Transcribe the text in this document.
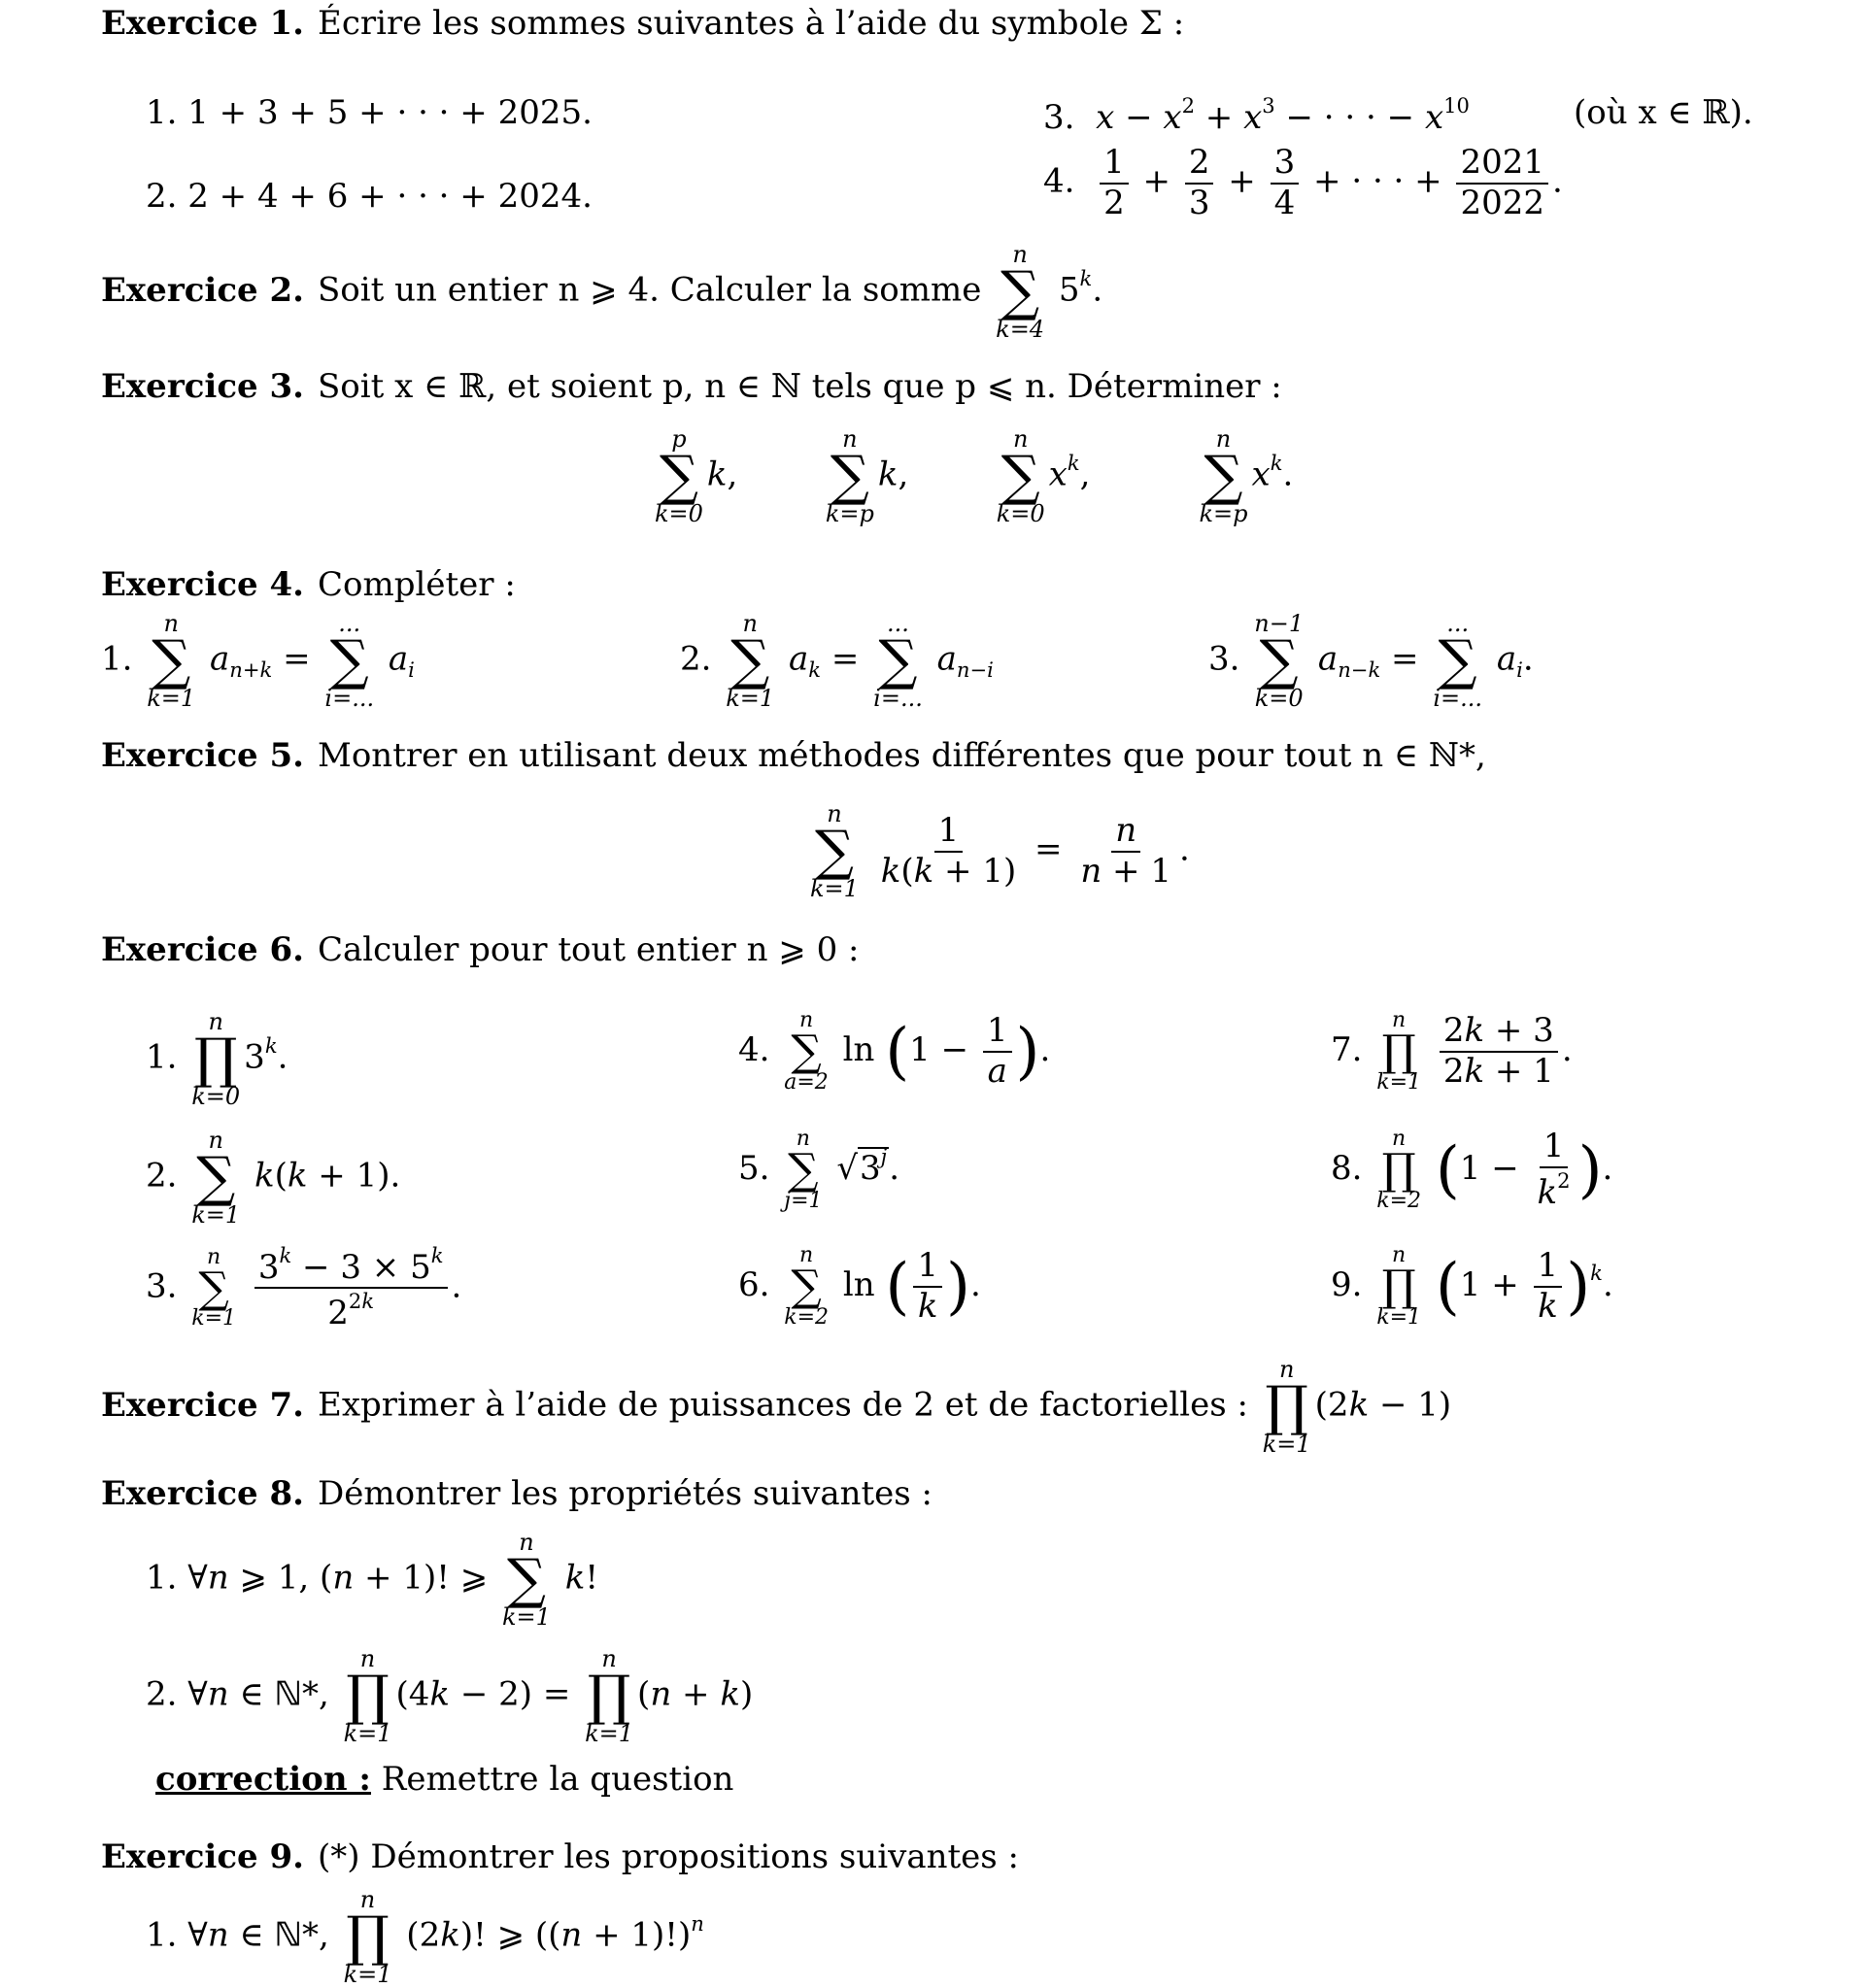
Exercice 1. Écrire les sommes suivantes à l’aide du symbole Σ :
1. 1 + 3 + 5 + · · · + 2025.
2. 2 + 4 + 6 + · · · + 2024.
3. $x - x^2 + x^3$ − · · · − $x^{10}$	(où x ∈ ℝ).
4. $\frac{1}{2} + \frac{2}{3} + \frac{3}{4}$ + · · · + $\frac{2021}{2022}$ .
Exercice 2. Soit un entier n ⩾ 4. Calculer la somme
n
∑
k=4
5$^k$.
Exercice 3. Soit x ∈ ℝ, et soient p, n ∈ ℕ tels que p ⩽ n. Déterminer :
p
∑
k=0
k,
n
∑
k=p
k,
n
∑
k=0
$x^k$,
n
∑
k=p
$x^k$.
Exercice 4. Compléter :
1.
n
∑
k=1
$a_{n+k}$ =
...
∑
i=...
$a_i$	2.
n
∑
k=1
$a_k$ =
...
∑
i=...
$a_{n-i}$	3.
n−1
∑
k=0
$a_{n-k}$ =
...
∑
i=...
$a_i$.
Exercice 5. Montrer en utilisant deux méthodes différentes que pour tout n ∈ ℕ*,
n
∑
k=1
$\frac{1}{k(k + 1)} = \frac{n}{n + 1}$ .
Exercice 6. Calculer pour tout entier n ⩾ 0 :
1.
n
∏
k=0
3$^k$.
2.
n
∑
k=1
k(k + 1).
3.
n
∑
k=1
$\frac{3^k - 3 \times 5^k}{2^{2k}}$ .
4.
n
∑
a=2
$\ln (1 - \frac{1}{a}$ ).
5.
n
∑
j=1
√3$^j$.
6.
n
∑
k=2
ln ( $\frac{1}{k}$ ).
7.
n
∏
k=1
$\frac{2k + 3}{2k + 1}$ .
8.
n
∏
k=2 ($1 - \frac{1}{k^2}$ ).
9.
n
∏
k=1 $(1 + \frac{1}{k} )^k$.
Exercice 7. Exprimer à l’aide de puissances de 2 et de factorielles :
n
∏
k=1
(2k − 1)
Exercice 8. Démontrer les propriétés suivantes :
1. ∀n ⩾ 1, (n + 1)! ⩾
n
∑
k=1
k!
2. ∀n ∈ ℕ*,
n
∏
k=1
(4k − 2) =
n
∏
k=1
(n + k)
correction : Remettre la question
Exercice 9. (*) Démontrer les propositions suivantes :
1. ∀n ∈ ℕ*,
n
∏
k=1
(2k)! ⩾ $((n + 1)!)^n$
